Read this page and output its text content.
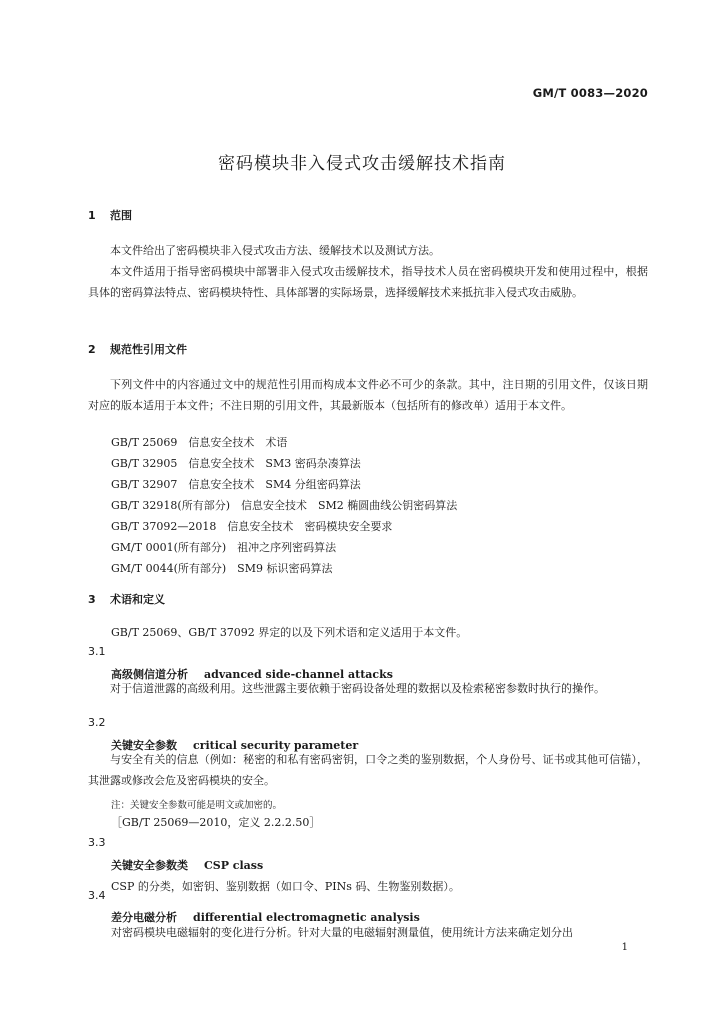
GM/T 0083—2020
密码模块非入侵式攻击缓解技术指南
1 范围
本文件给出了密码模块非入侵式攻击方法、缓解技术以及测试方法。
本文件适用于指导密码模块中部署非入侵式攻击缓解技术，指导技术人员在密码模块开发和使用过程中，根据具体的密码算法特点、密码模块特性、具体部署的实际场景，选择缓解技术来抵抗非入侵式攻击威胁。
2 规范性引用文件
下列文件中的内容通过文中的规范性引用而构成本文件必不可少的条款。其中，注日期的引用文件，仅该日期对应的版本适用于本文件；不注日期的引用文件，其最新版本（包括所有的修改单）适用于本文件。
GB/T 25069　信息安全技术　术语
GB/T 32905　信息安全技术　SM3 密码杂凑算法
GB/T 32907　信息安全技术　SM4 分组密码算法
GB/T 32918(所有部分)　信息安全技术　SM2 椭圆曲线公钥密码算法
GB/T 37092—2018　信息安全技术　密码模块安全要求
GM/T 0001(所有部分)　祖冲之序列密码算法
GM/T 0044(所有部分)　SM9 标识密码算法
3 术语和定义
GB/T 25069、GB/T 37092 界定的以及下列术语和定义适用于本文件。
3.1
高级侧信道分析 advanced side-channel attacks
对于信道泄露的高级利用。这些泄露主要依赖于密码设备处理的数据以及检索秘密参数时执行的操作。
3.2
关键安全参数 critical security parameter
与安全有关的信息（例如：秘密的和私有密码密钥，口令之类的鉴别数据，个人身份号、证书或其他可信锚），其泄露或修改会危及密码模块的安全。
注：关键安全参数可能是明文或加密的。
［GB/T 25069—2010，定义 2.2.2.50］
3.3
关键安全参数类 CSP class
CSP 的分类，如密钥、鉴别数据（如口令、PINs 码、生物鉴别数据）。
3.4
差分电磁分析 differential electromagnetic analysis
对密码模块电磁辐射的变化进行分析。针对大量的电磁辐射测量值，使用统计方法来确定划分出
1
